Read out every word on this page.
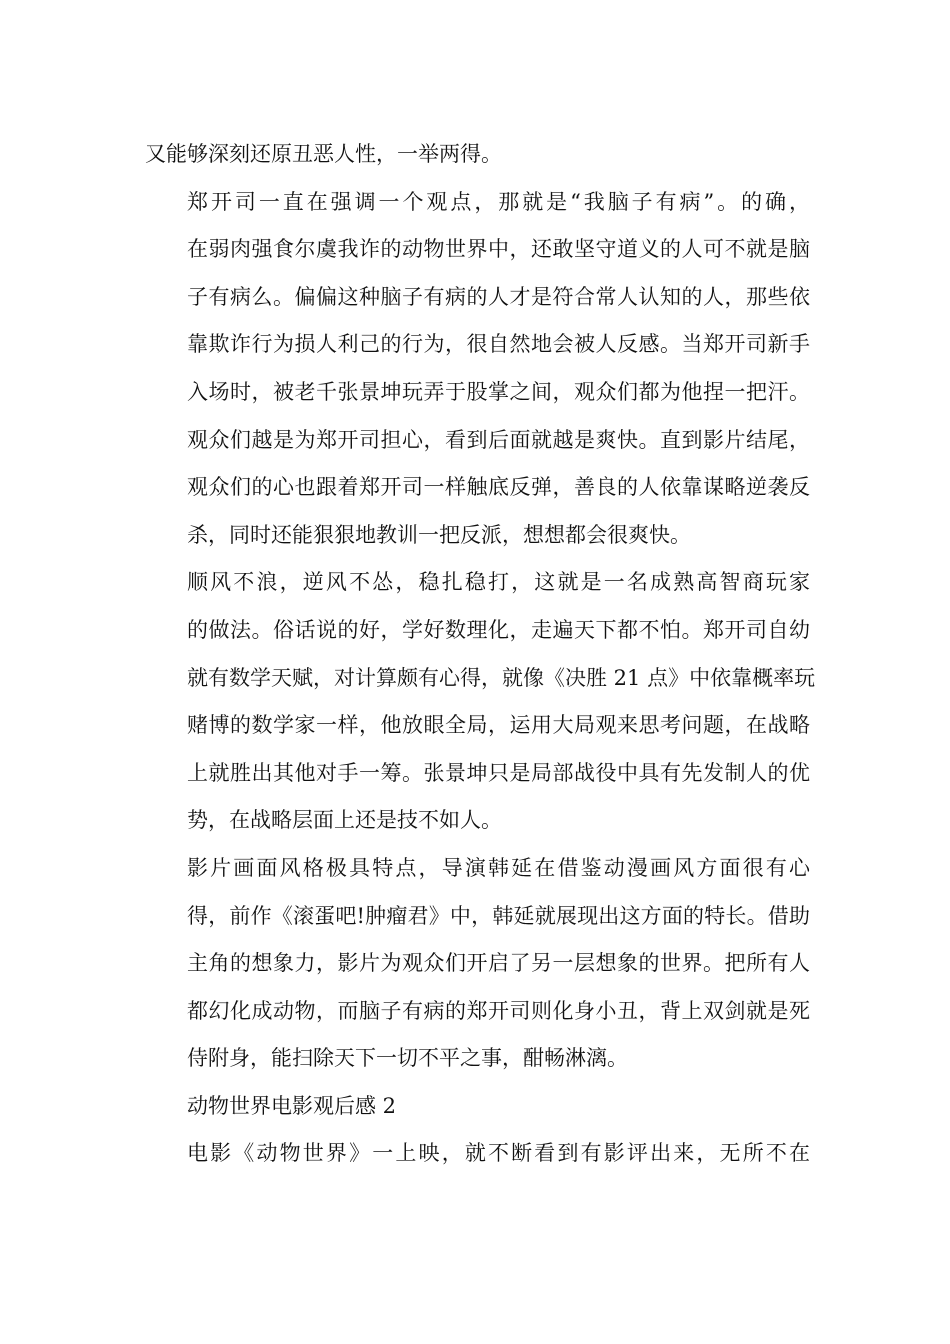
又能够深刻还原丑恶人性，一举两得。

郑开司一直在强调一个观点，那就是“我脑子有病”。的确，
在弱肉强食尔虞我诈的动物世界中，还敢坚守道义的人可不就是脑
子有病么。偏偏这种脑子有病的人才是符合常人认知的人，那些依
靠欺诈行为损人利己的行为，很自然地会被人反感。当郑开司新手
入场时，被老千张景坤玩弄于股掌之间，观众们都为他捏一把汗。
观众们越是为郑开司担心，看到后面就越是爽快。直到影片结尾，
观众们的心也跟着郑开司一样触底反弹，善良的人依靠谋略逆袭反
杀，同时还能狠狠地教训一把反派，想想都会很爽快。

顺风不浪，逆风不怂，稳扎稳打，这就是一名成熟高智商玩家
的做法。俗话说的好，学好数理化，走遍天下都不怕。郑开司自幼
就有数学天赋，对计算颇有心得，就像《决胜 21 点》中依靠概率玩
赌博的数学家一样，他放眼全局，运用大局观来思考问题，在战略
上就胜出其他对手一筹。张景坤只是局部战役中具有先发制人的优
势，在战略层面上还是技不如人。

影片画面风格极具特点，导演韩延在借鉴动漫画风方面很有心
得，前作《滚蛋吧!肿瘤君》中，韩延就展现出这方面的特长。借助
主角的想象力，影片为观众们开启了另一层想象的世界。把所有人
都幻化成动物，而脑子有病的郑开司则化身小丑，背上双剑就是死
侍附身，能扫除天下一切不平之事，酣畅淋漓。

动物世界电影观后感 2

电影《动物世界》一上映，就不断看到有影评出来，无所不在
